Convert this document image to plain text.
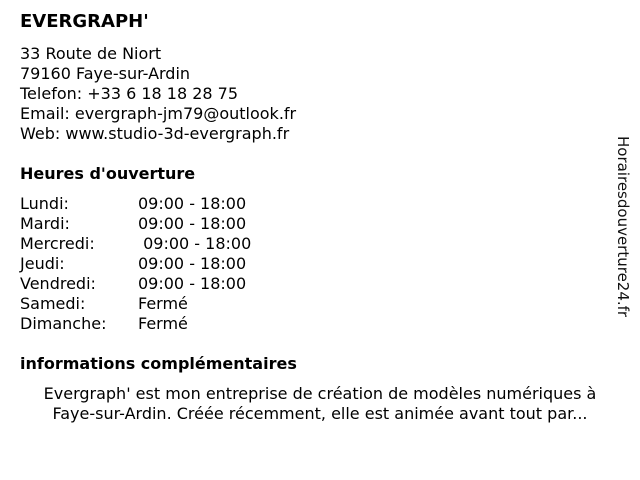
EVERGRAPH'
33 Route de Niort
79160 Faye-sur-Ardin
Telefon: +33 6 18 18 28 75
Email: evergraph-jm79@outlook.fr
Web: www.studio-3d-evergraph.fr
Heures d'ouverture
Lundi:	09:00 - 18:00
Mardi:	09:00 - 18:00
Mercredi:	09:00 - 18:00
Jeudi:	09:00 - 18:00
Vendredi:	09:00 - 18:00
Samedi:	Fermé
Dimanche:	Fermé
informations complémentaires
Evergraph' est mon entreprise de création de modèles numériques à
Faye-sur-Ardin. Créée récemment, elle est animée avant tout par...
Horairesdouverture24.fr
